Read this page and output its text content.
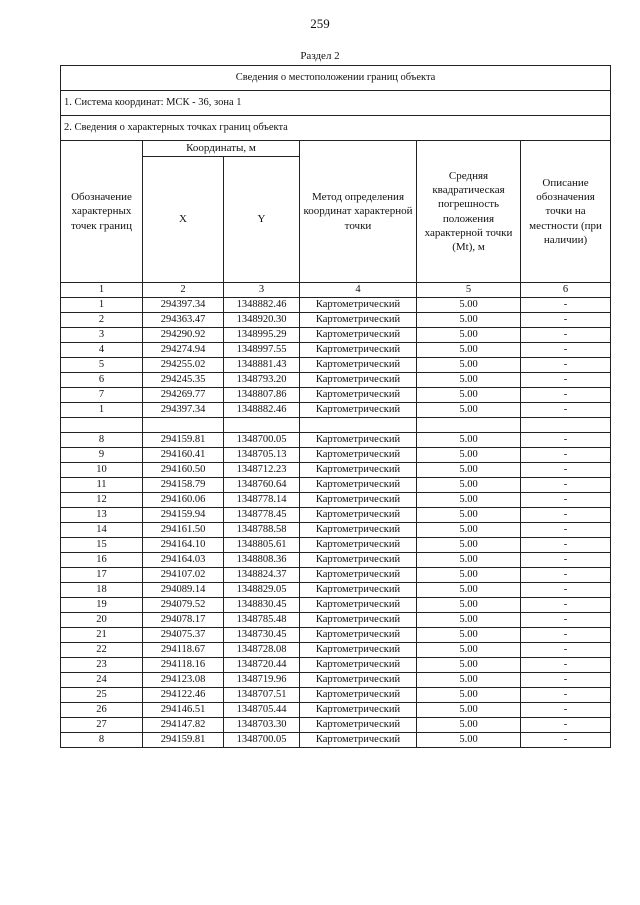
259
Раздел 2
Сведения о местоположении границ объекта					
1. Система координат: МСК - 36, зона 1					
2. Сведения о характерных точках границ объекта					
Обозначение характерных точек границ	Координаты, м		Метод определения координат характерной точки	Средняя квадратическая погрешность положения характерной точки (Mt), м	Описание обозначения точки на местности (при наличии)
	X	Y			
1	2	3	4	5	6
1	294397.34	1348882.46	Картометрический	5.00	-
2	294363.47	1348920.30	Картометрический	5.00	-
3	294290.92	1348995.29	Картометрический	5.00	-
4	294274.94	1348997.55	Картометрический	5.00	-
5	294255.02	1348881.43	Картометрический	5.00	-
6	294245.35	1348793.20	Картометрический	5.00	-
7	294269.77	1348807.86	Картометрический	5.00	-
1	294397.34	1348882.46	Картометрический	5.00	-

8	294159.81	1348700.05	Картометрический	5.00	-
9	294160.41	1348705.13	Картометрический	5.00	-
10	294160.50	1348712.23	Картометрический	5.00	-
11	294158.79	1348760.64	Картометрический	5.00	-
12	294160.06	1348778.14	Картометрический	5.00	-
13	294159.94	1348778.45	Картометрический	5.00	-
14	294161.50	1348788.58	Картометрический	5.00	-
15	294164.10	1348805.61	Картометрический	5.00	-
16	294164.03	1348808.36	Картометрический	5.00	-
17	294107.02	1348824.37	Картометрический	5.00	-
18	294089.14	1348829.05	Картометрический	5.00	-
19	294079.52	1348830.45	Картометрический	5.00	-
20	294078.17	1348785.48	Картометрический	5.00	-
21	294075.37	1348730.45	Картометрический	5.00	-
22	294118.67	1348728.08	Картометрический	5.00	-
23	294118.16	1348720.44	Картометрический	5.00	-
24	294123.08	1348719.96	Картометрический	5.00	-
25	294122.46	1348707.51	Картометрический	5.00	-
26	294146.51	1348705.44	Картометрический	5.00	-
27	294147.82	1348703.30	Картометрический	5.00	-
8	294159.81	1348700.05	Картометрический	5.00	-
